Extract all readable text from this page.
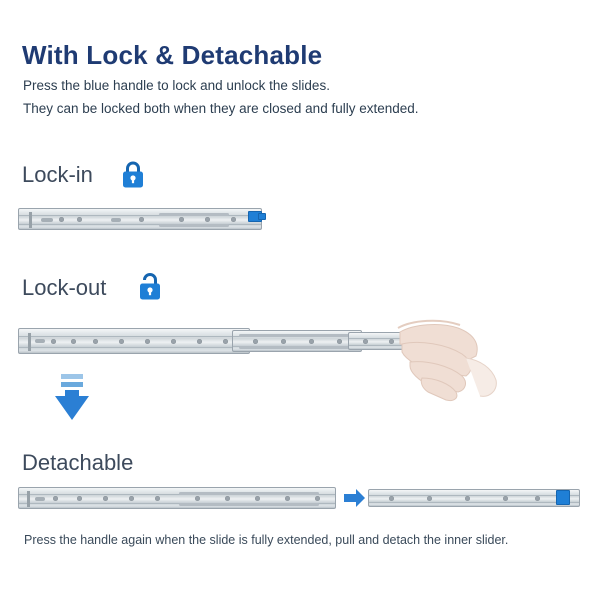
With Lock & Detachable
Press the blue handle to lock and unlock the slides.
They can be locked both when they are closed and fully extended.
Lock-in
Lock-out
Detachable
Press the handle again when the slide is fully extended, pull and detach the inner slider.
